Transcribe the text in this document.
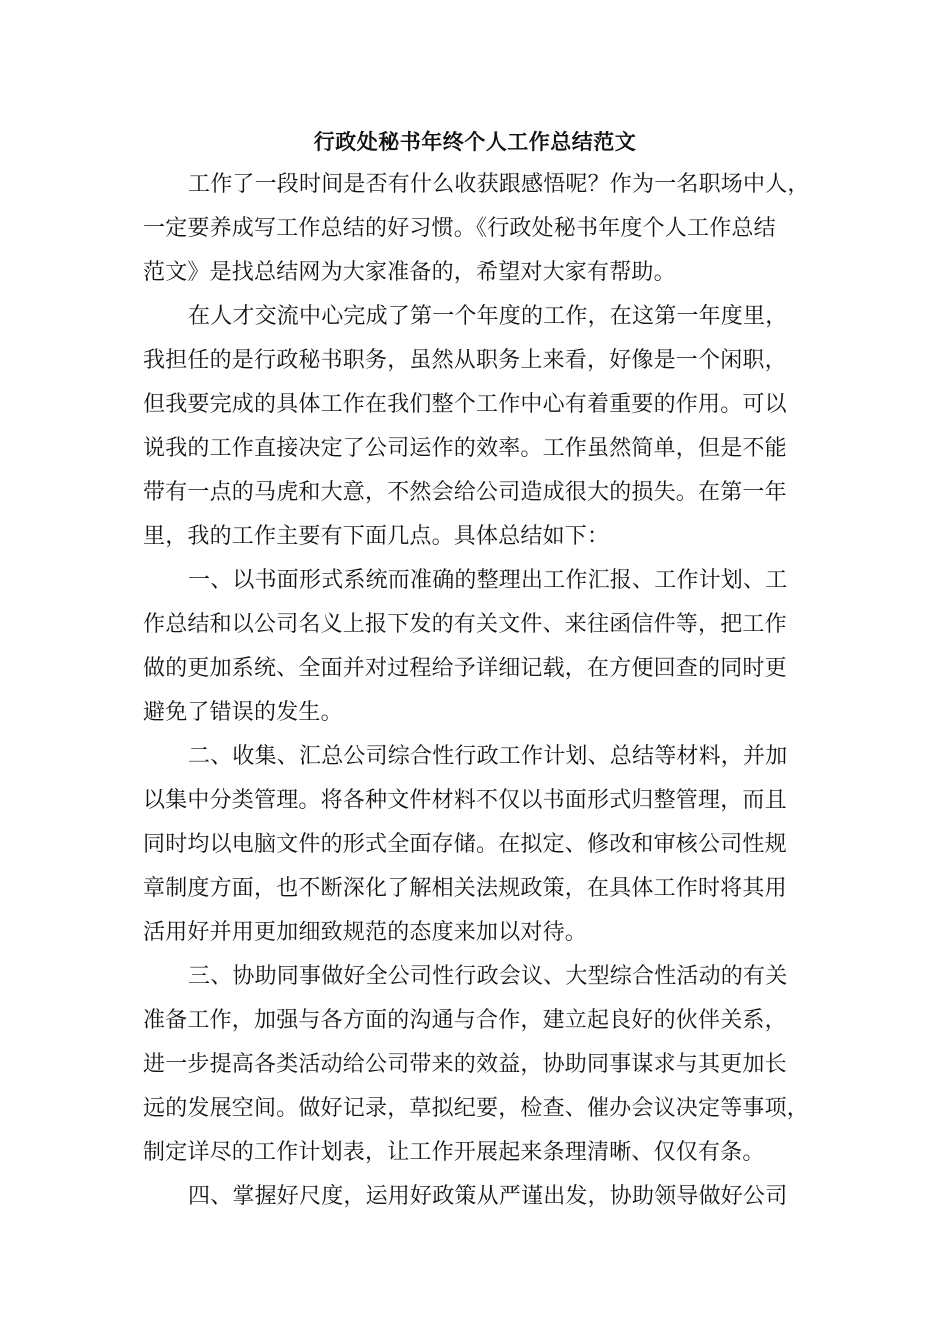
行政处秘书年终个人工作总结范文
工作了一段时间是否有什么收获跟感悟呢？作为一名职场中人，
一定要养成写工作总结的好习惯。《行政处秘书年度个人工作总结
范文》是找总结网为大家准备的，希望对大家有帮助。
在人才交流中心完成了第一个年度的工作，在这第一年度里，
我担任的是行政秘书职务，虽然从职务上来看，好像是一个闲职，
但我要完成的具体工作在我们整个工作中心有着重要的作用。可以
说我的工作直接决定了公司运作的效率。工作虽然简单，但是不能
带有一点的马虎和大意，不然会给公司造成很大的损失。在第一年
里，我的工作主要有下面几点。具体总结如下：
一、以书面形式系统而准确的整理出工作汇报、工作计划、工
作总结和以公司名义上报下发的有关文件、来往函信件等，把工作
做的更加系统、全面并对过程给予详细记载，在方便回查的同时更
避免了错误的发生。
二、收集、汇总公司综合性行政工作计划、总结等材料，并加
以集中分类管理。将各种文件材料不仅以书面形式归整管理，而且
同时均以电脑文件的形式全面存储。在拟定、修改和审核公司性规
章制度方面，也不断深化了解相关法规政策，在具体工作时将其用
活用好并用更加细致规范的态度来加以对待。
三、协助同事做好全公司性行政会议、大型综合性活动的有关
准备工作，加强与各方面的沟通与合作，建立起良好的伙伴关系，
进一步提高各类活动给公司带来的效益，协助同事谋求与其更加长
远的发展空间。做好记录，草拟纪要，检查、催办会议决定等事项，
制定详尽的工作计划表，让工作开展起来条理清晰、仅仅有条。
四、掌握好尺度，运用好政策从严谨出发，协助领导做好公司
